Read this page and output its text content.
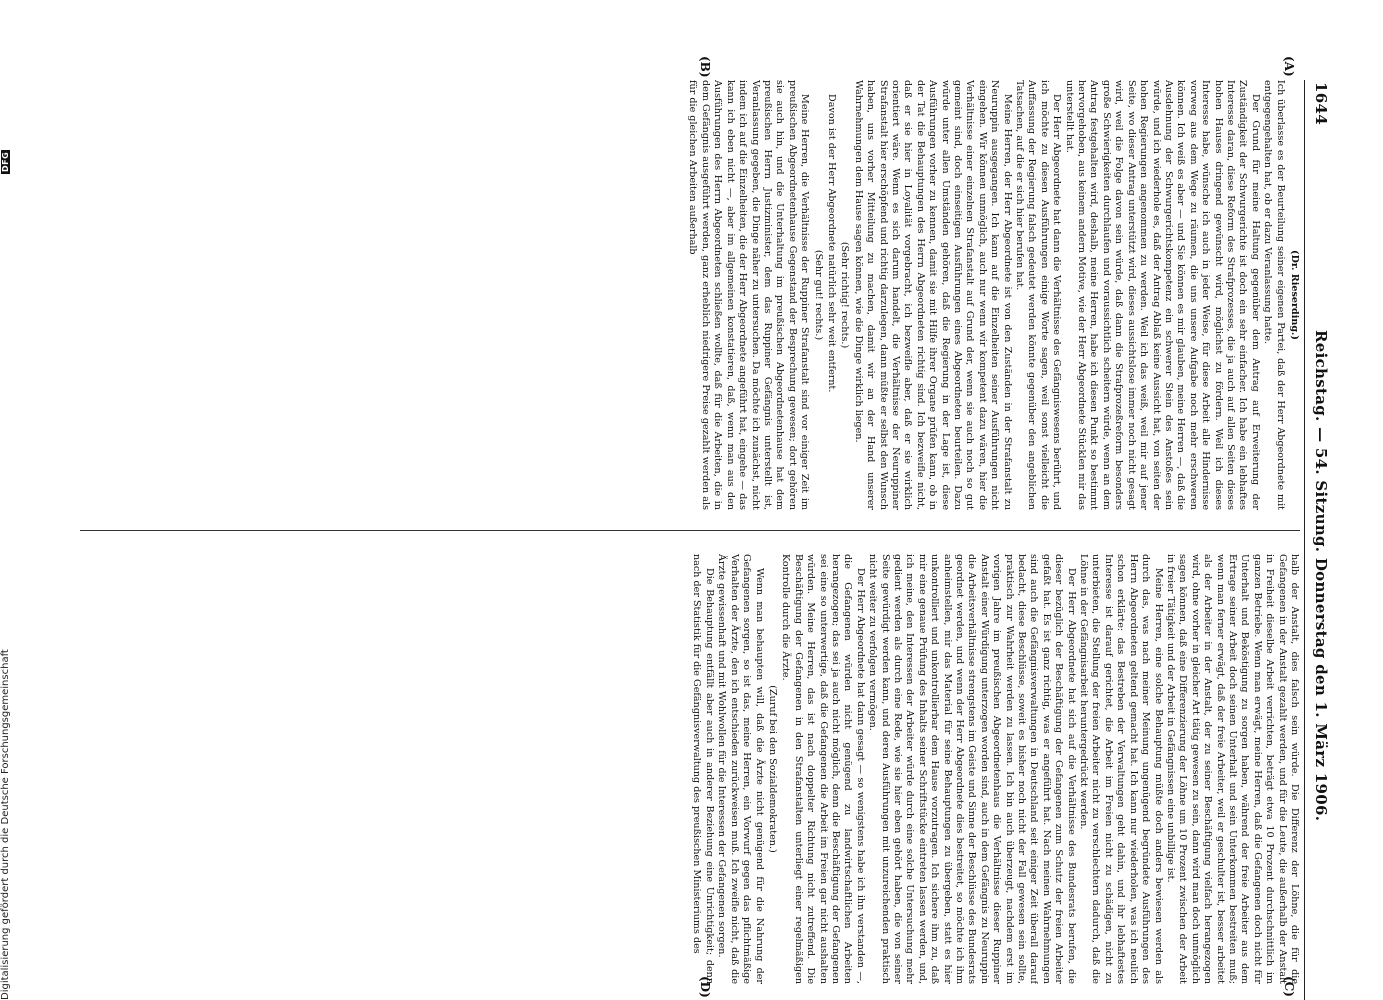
1644
Reichstag. — 54. Sitzung. Donnerstag den 1. März 1906.
(A)
(B)
(C)
(D)

(Dr. Rieserding.)

Ich überlasse es der Beurteilung seiner eigenen Partei, daß der Herr Abgeordnete mit entgegengehalten hat, ob er dazu Veranlassung hatte.

Der Grund für meine Haltung gegenüber dem Antrag auf Erweiterung der Zuständigkeit der Schwurgerichte ist doch ein sehr einfacher. Ich habe ein lebhaftes Interesse daran, diese Reform des Strafprozesses, die ja auch auf allen Seiten dieses hohen Hauses dringend gewünscht wird, möglichst zu fördern. Weil ich dieses Interesse habe, wünsche ich auch in jeder Weise, für diese Arbeit alle Hindernisse vorweg aus dem Wege zu räumen, die uns unsere Aufgabe noch mehr erschweren können. Ich weiß es aber — und Sie können es mir glauben, meine Herren —, daß die Ausdehnung der Schwurgerichtskompetenz ein schwerer Stein des Anstoßes sein würde, und ich wiederhole es, daß der Antrag Ablaß keine Aussicht hat, von seiten der hohen Regierungen angenommen zu werden. Weil ich das weiß, weil mir auf jener Seite, wo dieser Antrag unterstützt wird, dieses aussichtslose immer noch nicht gesagt wird, weil die Folge davon sein würde, daß dann die Strafprozeßreform besonders große Schwierigkeiten durchlaufen und voraussichtlich scheitern würde, wenn an dem Antrag festgehalten wird, deshalb, meine Herren, habe ich diesen Punkt so bestimmt hervorgehoben, aus keinem andern Motive, wie der Herr Abgeordnete Stücklen mir das unterstellt hat.

Der Herr Abgeordnete hat dann die Verhältnisse des Gefängniswesens berührt, und ich möchte zu diesen Ausführungen einige Worte sagen, weil sonst vielleicht die Auffassung der Regierung falsch gedeutet werden könnte gegenüber den angeblichen Tatsachen, auf die er sich hier berufen hat.

Meine Herren, der Herr Abgeordnete ist von den Zuständen in der Strafanstalt zu Neuruppin ausgegangen. Ich kann auf die Einzelheiten seiner Ausführungen nicht eingehen. Wir können unmöglich, auch nur wenn wir kompetent dazu wären, hier die Verhältnisse einer einzelnen Strafanstalt auf Grund der, wenn sie auch noch so gut gemeint sind, doch einseitigen Ausführungen eines Abgeordneten beurteilen. Dazu würde unter allen Umständen gehören, daß die Regierung in der Lage ist, diese Ausführungen vorher zu kennen, damit sie mit Hilfe ihrer Organe prüfen kann, ob in der Tat die Behauptungen des Herrn Abgeordneten richtig sind. Ich bezweifle nicht, daß er sie hier in Loyalität vorgebracht, ich bezweifle aber, daß er sie wirklich orientiert wäre. Wenn es sich darum handelt, die Verhältnisse der Neuruppiner Strafanstalt hier erschöpfend und richtig darzulegen, dann müßte er selbst den Wunsch haben, uns vorher Mitteilung zu machen, damit wir an der Hand unserer Wahrnehmungen dem Hause sagen können, wie die Dinge wirklich liegen.

(Sehr richtig! rechts.)

Davon ist der Herr Abgeordnete natürlich sehr weit entfernt.

(Sehr gut! rechts.)

Meine Herren, die Verhältnisse der Ruppiner Strafanstalt sind vor einiger Zeit im preußischen Abgeordnetenhause Gegenstand der Besprechung gewesen; dort gehören sie auch hin, und die Unterhaltung im preußischen Abgeordnetenhause hat dem preußischen Herrn Justizminister, dem das Ruppiner Gefängnis unterstellt ist, Veranlassung gegeben, die Dinge näher zu untersuchen. Da möchte ich zunächst, nicht indem ich auf die Einzelheiten, die der Herr Abgeordnete angeführt hat, eingehe — das kann ich eben nicht —, aber im allgemeinen konstatieren, daß, wenn man aus den Ausführungen des Herrn Abgeordneten schließen wollte, daß für die Arbeiten, die in dem Gefängnis ausgeführt werden, ganz erheblich niedrigere Preise gezahlt werden als für die gleichen Arbeiten außerhalb

halb der Anstalt, dies falsch sein würde. Die Differenz der Löhne, die für die Gefangenen in der Anstalt gezahlt werden, und für die Leute, die außerhalb der Anstalt in Freiheit dieselbe Arbeit verrichten, beträgt etwa 10 Prozent durchschnittlich im ganzen Betriebe. Wenn man erwägt, meine Herren, daß die Gefangenen doch nicht für Unterhalt und Beköstigung zu sorgen haben, während der freie Arbeiter aus dem Ertrage seiner Arbeit doch seinen Unterhalt und sein Unterkommen bestreiten muß; wenn man ferner erwägt, daß der freie Arbeiter, weil er geschulter ist, besser arbeitet als der Arbeiter in der Anstalt, der zu seiner Beschäftigung vielfach herangezogen wird, ohne vorher in gleicher Art tätig gewesen zu sein, dann wird man doch unmöglich sagen können, daß eine Differenzierung der Löhne um 10 Prozent zwischen der Arbeit in freier Tätigkeit und der Arbeit in Gefängnissen eine unbillige ist.

Meine Herren, eine solche Behauptung müßte doch anders bewiesen werden als durch das, was nach meiner Meinung ungenügend begründete Ausführungen des Herrn Abgeordneten geltend gemacht hat. Ich kann nur wiederholen, was ich neulich schon erklärte: das Bestreben der Verwaltungen geht dahin, und ihr lebhaftestes Interesse ist darauf gerichtet, die Arbeit im Freien nicht zu schädigen, nicht zu unterbieten, die Stellung der freien Arbeiter nicht zu verschlechtern dadurch, daß die Löhne in der Gefängnisarbeit heruntergedrückt werden.

Der Herr Abgeordnete hat sich auf die Verhältnisse des Bundesrats berufen, die dieser bezüglich der Beschäftigung der Gefangenen zum Schutz der freien Arbeiter gefaßt hat. Es ist ganz richtig, was er angeführt hat. Nach meinen Wahrnehmungen sind auch die Gefängnisverwaltungen in Deutschland seit einiger Zeit überall darauf bedacht, diese Beschlüsse, soweit es bisher noch nicht der Fall gewesen sein sollte, praktisch zur Wahrheit werden zu lassen. Ich bin auch überzeugt, nachdem erst im vorigen Jahre im preußischen Abgeordnetenhaus die Verhältnisse dieser Ruppiner Anstalt einer Würdigung unterzogen worden sind, auch in dem Gefängnis zu Neuruppin die Arbeitsverhältnisse strengstens im Geiste und Sinne der Beschlüsse des Bundesrats geordnet werden, und wenn der Herr Abgeordnete dies bestreitet, so möchte ich ihm anheimstellen, mir das Material für seine Behauptungen zu übergeben, statt es hier unkontrolliert und unkontrollierbar dem Hause vorzutragen. Ich sichere ihm zu, daß mir eine genaue Prüfung des Inhalts seiner Schriftstücke eintreten lassen werden, und, ich meine, den Interessen der Arbeiter würde durch eine solche Untersuchung mehr gedient werden als durch eine Rede, wie sie hier eben gehört haben, die von seiner Seite gewürdigt werden kann, und deren Ausführungen mit unzureichenden praktisch nicht weiter zu verfolgen vermögen.

Der Herr Abgeordnete hat dann gesagt — so wenigstens habe ich ihn verstanden —, die Gefangenen würden nicht genügend zu landwirtschaftlichen Arbeiten herangezogen; das sei ja auch nicht möglich, denn die Beschäftigung der Gefangenen sei eine so unterwertige, daß die Gefangenen die Arbeit im Freien gar nicht aushalten würden. Meine Herren, das ist nach doppelter Richtung nicht zutreffend. Die Beschäftigung der Gefangenen in den Strafanstalten unterliegt einer regelmäßigen Kontrolle durch die Ärzte.

(Zuruf bei den Sozialdemokraten.)

Wenn man behaupten will, daß die Ärzte nicht genügend für die Nahrung der Gefangenen sorgen, so ist das, meine Herren, ein Vorwurf gegen das pflichtmäßige Verhalten der Ärzte, den ich entschieden zurückweisen muß. Ich zweifle nicht, daß die Ärzte gewissenhaft und mit Wohlwollen für die Interessen der Gefangenen sorgen.

Die Behauptung entfällt aber auch in anderer Beziehung eine Unrichtigkeit; denn nach der Statistik für die Gefängnisverwaltung des preußischen Ministeriums des

Digitalisierung gefördert durch die Deutsche Forschungsgemeinschaft
DFG
